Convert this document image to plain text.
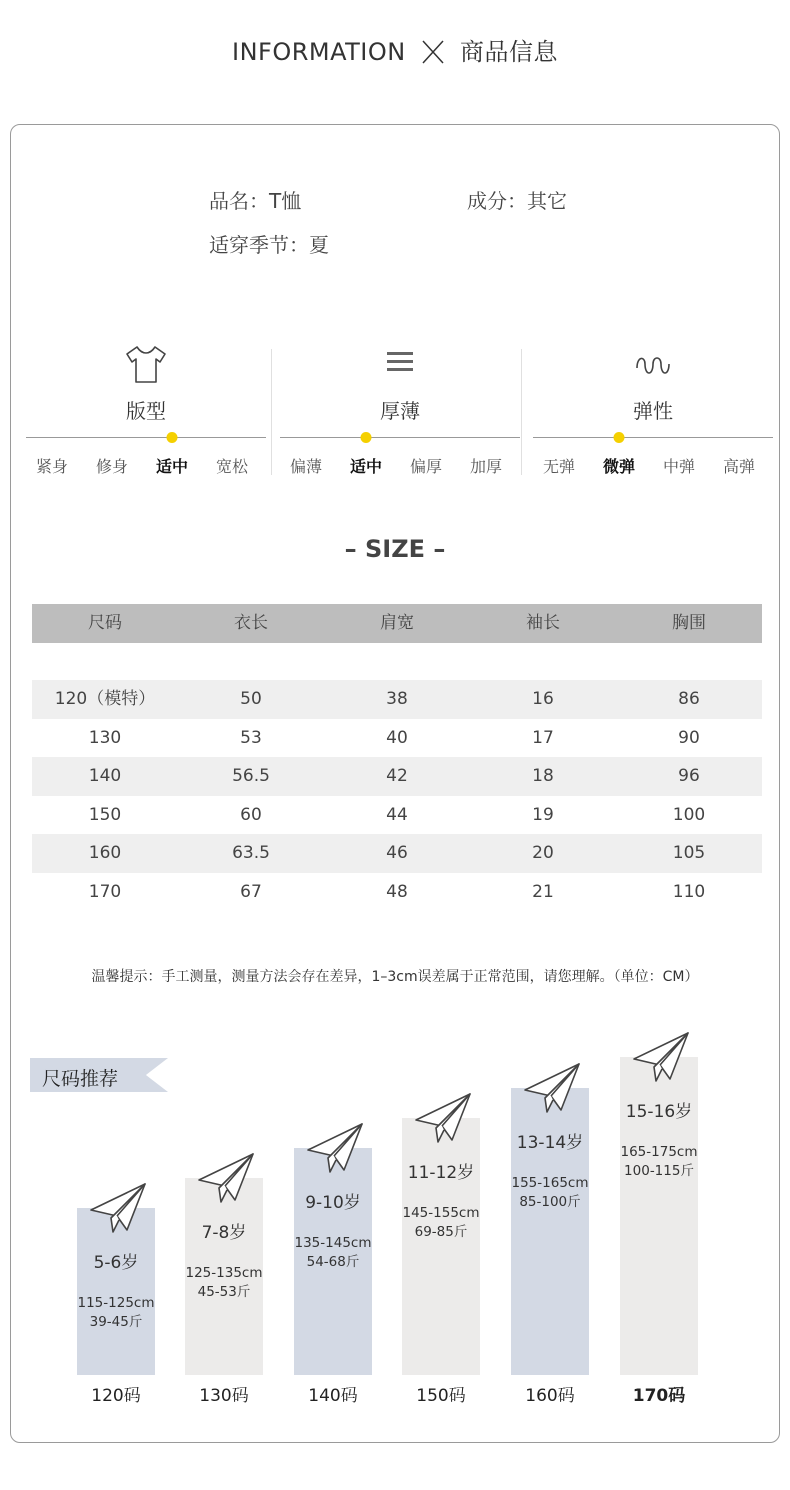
INFORMATION 商品信息
品名：T恤	成分：其它
适穿季节：夏
版型
紧身 修身 适中 宽松
厚薄
偏薄 适中 偏厚 加厚
弹性
无弹 微弹 中弹 高弹
– SIZE –
尺码	衣长	肩宽	袖长	胸围
120（模特）	50	38	16	86
130	53	40	17	90
140	56.5	42	18	96
150	60	44	19	100
160	63.5	46	20	105
170	67	48	21	110
温馨提示：手工测量，测量方法会存在差异，1–3cm误差属于正常范围，请您理解。（单位：CM）
尺码推荐
5-6岁
115-125cm
39-45斤
120码
7-8岁
125-135cm
45-53斤
130码
9-10岁
135-145cm
54-68斤
140码
11-12岁
145-155cm
69-85斤
150码
13-14岁
155-165cm
85-100斤
160码
15-16岁
165-175cm
100-115斤
170码
